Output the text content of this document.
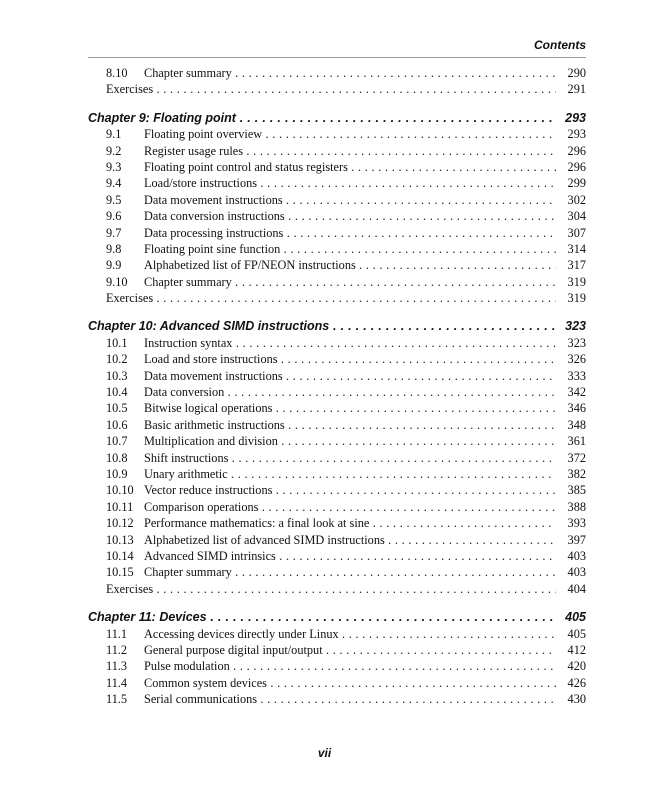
Contents
8.10 Chapter summary . . .	290
Exercises . . .	291
Chapter 9: Floating point . . .	293
9.1 Floating point overview . . .	293
9.2 Register usage rules . . .	296
9.3 Floating point control and status registers . . .	296
9.4 Load/store instructions . . .	299
9.5 Data movement instructions . . .	302
9.6 Data conversion instructions . . .	304
9.7 Data processing instructions . . .	307
9.8 Floating point sine function . . .	314
9.9 Alphabetized list of FP/NEON instructions . . .	317
9.10 Chapter summary . . .	319
Exercises . . .	319
Chapter 10: Advanced SIMD instructions . . .	323
10.1 Instruction syntax . . .	323
10.2 Load and store instructions . . .	326
10.3 Data movement instructions . . .	333
10.4 Data conversion . . .	342
10.5 Bitwise logical operations . . .	346
10.6 Basic arithmetic instructions . . .	348
10.7 Multiplication and division . . .	361
10.8 Shift instructions . . .	372
10.9 Unary arithmetic . . .	382
10.10 Vector reduce instructions . . .	385
10.11 Comparison operations . . .	388
10.12 Performance mathematics: a final look at sine . . .	393
10.13 Alphabetized list of advanced SIMD instructions . . .	397
10.14 Advanced SIMD intrinsics . . .	403
10.15 Chapter summary . . .	403
Exercises . . .	404
Chapter 11: Devices . . .	405
11.1 Accessing devices directly under Linux . . .	405
11.2 General purpose digital input/output . . .	412
11.3 Pulse modulation . . .	420
11.4 Common system devices . . .	426
11.5 Serial communications . . .	430
vii
